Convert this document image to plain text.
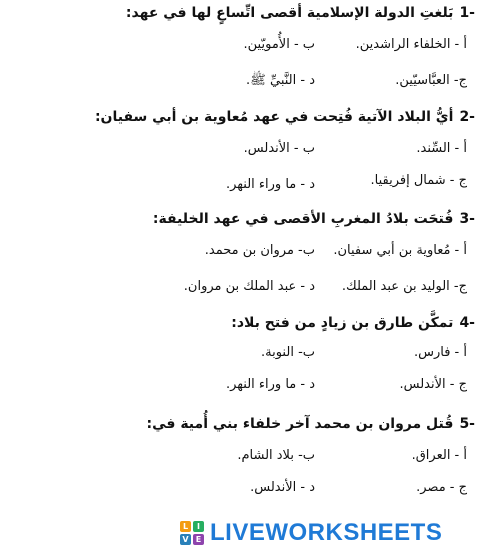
1-
بَلغتِ الدولة الإسلامية أقصى اتِّساعٍ لها في عهد:
أ - الخلفاء الراشدين.
ب - الأُمويّين.
ج- العبَّاسيّين.
د - النَّبيِّ ﷺ.
2-
أيُّ البلاد الآتية فُتِحت في عهد مُعاوية بن أبي سفيان:
أ - السِّند.
ب - الأندلس.
ج - شمال إفريقيا.
د - ما وراء النهر.
3-
فُتحَت بلادُ المغربِ الأقصى في عهد الخليفة:
أ - مُعاوية بن أبي سفيان.
ب- مروان بن محمد.
ج- الوليد بن عبد الملك.
د - عبد الملك بن مروان.
4-
تمكَّن طارق بن زيادٍ من فتح بلاد:
أ - فارس.
ب- النوبة.
ج - الأندلس.
د - ما وراء النهر.
5-
قُتل مروان بن محمد آخر خلفاء بني أُمية في:
أ - العراق.
ب- بلاد الشام.
ج - مصر.
د - الأندلس.
L	I
V E LIVEWORKSHEETS
